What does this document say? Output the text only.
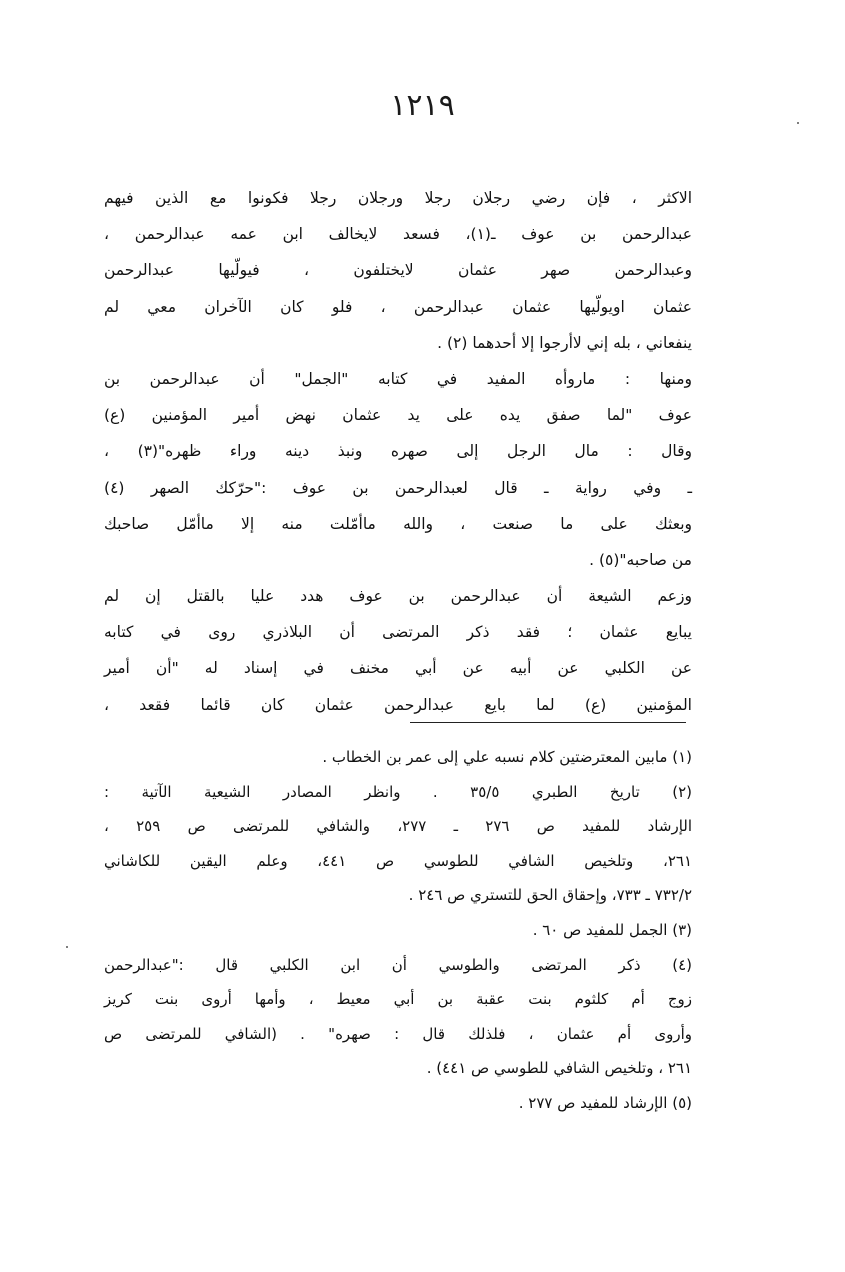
١٢١٩
الاكثر ، فإن رضي رجلان رجلا ورجلان رجلا فكونوا مع الذين فيهم
عبدالرحمن بن عوف ـ(١)، فسعد لايخالف ابن عمه عبدالرحمن ،
وعبدالرحمن صهر عثمان لايختلفون ، فيولّيها عبدالرحمن
عثمان اويولّيها عثمان عبدالرحمن ، فلو كان الآخران معي لم
ينفعاني ، بله إني لاأرجوا إلا أحدهما (٢) .
ومنها : ماروأه المفيد في كتابه "الجمل" أن عبدالرحمن بن
عوف "لما صفق يده على يد عثمان نهض أمير المؤمنين (ع)
وقال : مال الرجل إلى صهره ونبذ دينه وراء ظهره"(٣) ،
ـ وفي رواية ـ قال لعبدالرحمن بن عوف :"حرّكك الصهر (٤)
وبعثك على ما صنعت ، والله ماأمّلت منه إلا ماأمّل صاحبك
من صاحبه"(٥) .
وزعم الشيعة أن عبدالرحمن بن عوف هدد عليا بالقتل إن لم
يبايع عثمان ؛ فقد ذكر المرتضى أن البلاذري روى في كتابه
عن الكلبي عن أبيه عن أبي مخنف في إسناد له "أن أمير
المؤمنين (ع) لما بايع عبدالرحمن عثمان كان قائما فقعد ،
(١) مابين المعترضتين كلام نسبه علي إلى عمر بن الخطاب .
(٢) تاريخ الطبري ٣٥/٥ . وانظر المصادر الشيعية الآتية :
الإرشاد للمفيد ص ٢٧٦ ـ ٢٧٧، والشافي للمرتضى ص ٢٥٩ ،
٢٦١، وتلخيص الشافي للطوسي ص ٤٤١، وعلم اليقين للكاشاني
٧٣٢/٢ ـ ٧٣٣، وإحقاق الحق للتستري ص ٢٤٦ .
(٣) الجمل للمفيد ص ٦٠ .
(٤) ذكر المرتضى والطوسي أن ابن الكلبي قال :"عبدالرحمن
زوج أم كلثوم بنت عقبة بن أبي معيط ، وأمها أروى بنت كريز
وأروى أم عثمان ، فلذلك قال : صهره" . (الشافي للمرتضى ص
٢٦١ ، وتلخيص الشافي للطوسي ص ٤٤١) .
(٥) الإرشاد للمفيد ص ٢٧٧ .
